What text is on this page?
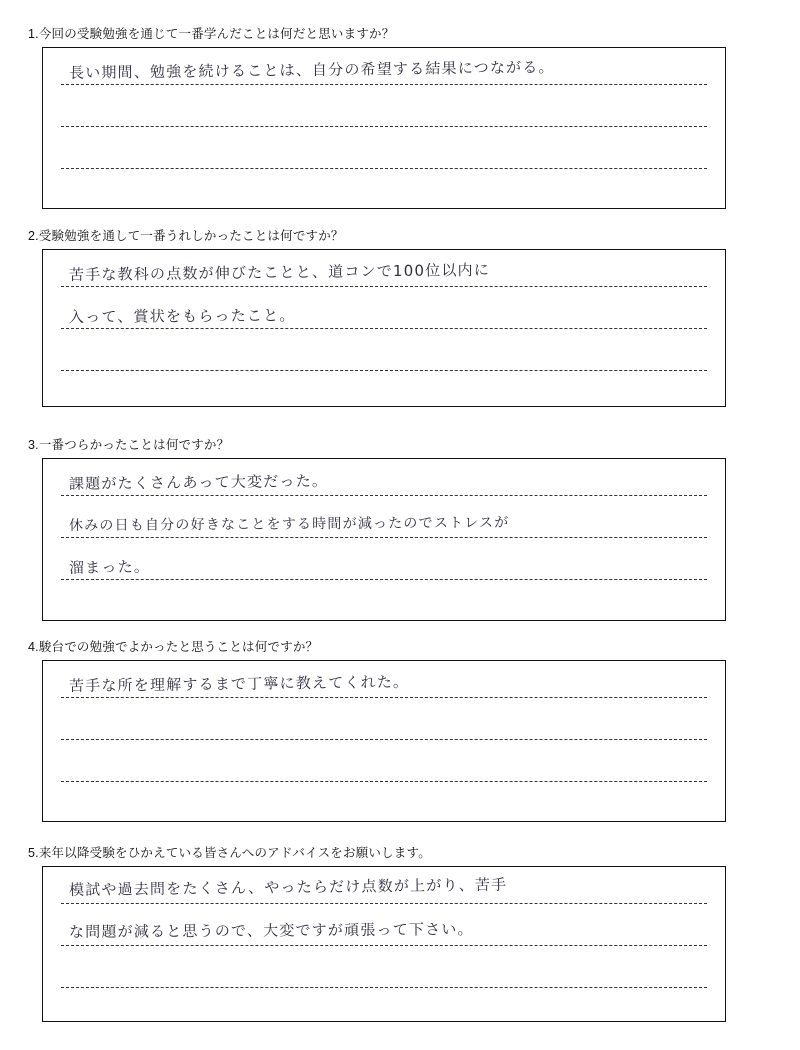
1.今回の受験勉強を通じて一番学んだことは何だと思いますか？
長い期間、勉強を続けることは、自分の希望する結果につながる。
2.受験勉強を通して一番うれしかったことは何ですか？
苦手な教科の点数が伸びたことと、道コンで100位以内に
入って、賞状をもらったこと。
3.一番つらかったことは何ですか？
課題がたくさんあって大変だった。
休みの日も自分の好きなことをする時間が減ったのでストレスが
溜まった。
4.駿台での勉強でよかったと思うことは何ですか？
苦手な所を理解するまで丁寧に教えてくれた。
5.来年以降受験をひかえている皆さんへのアドバイスをお願いします。
模試や過去問をたくさん、やったらだけ点数が上がり、苦手
な問題が減ると思うので、大変ですが頑張って下さい。
